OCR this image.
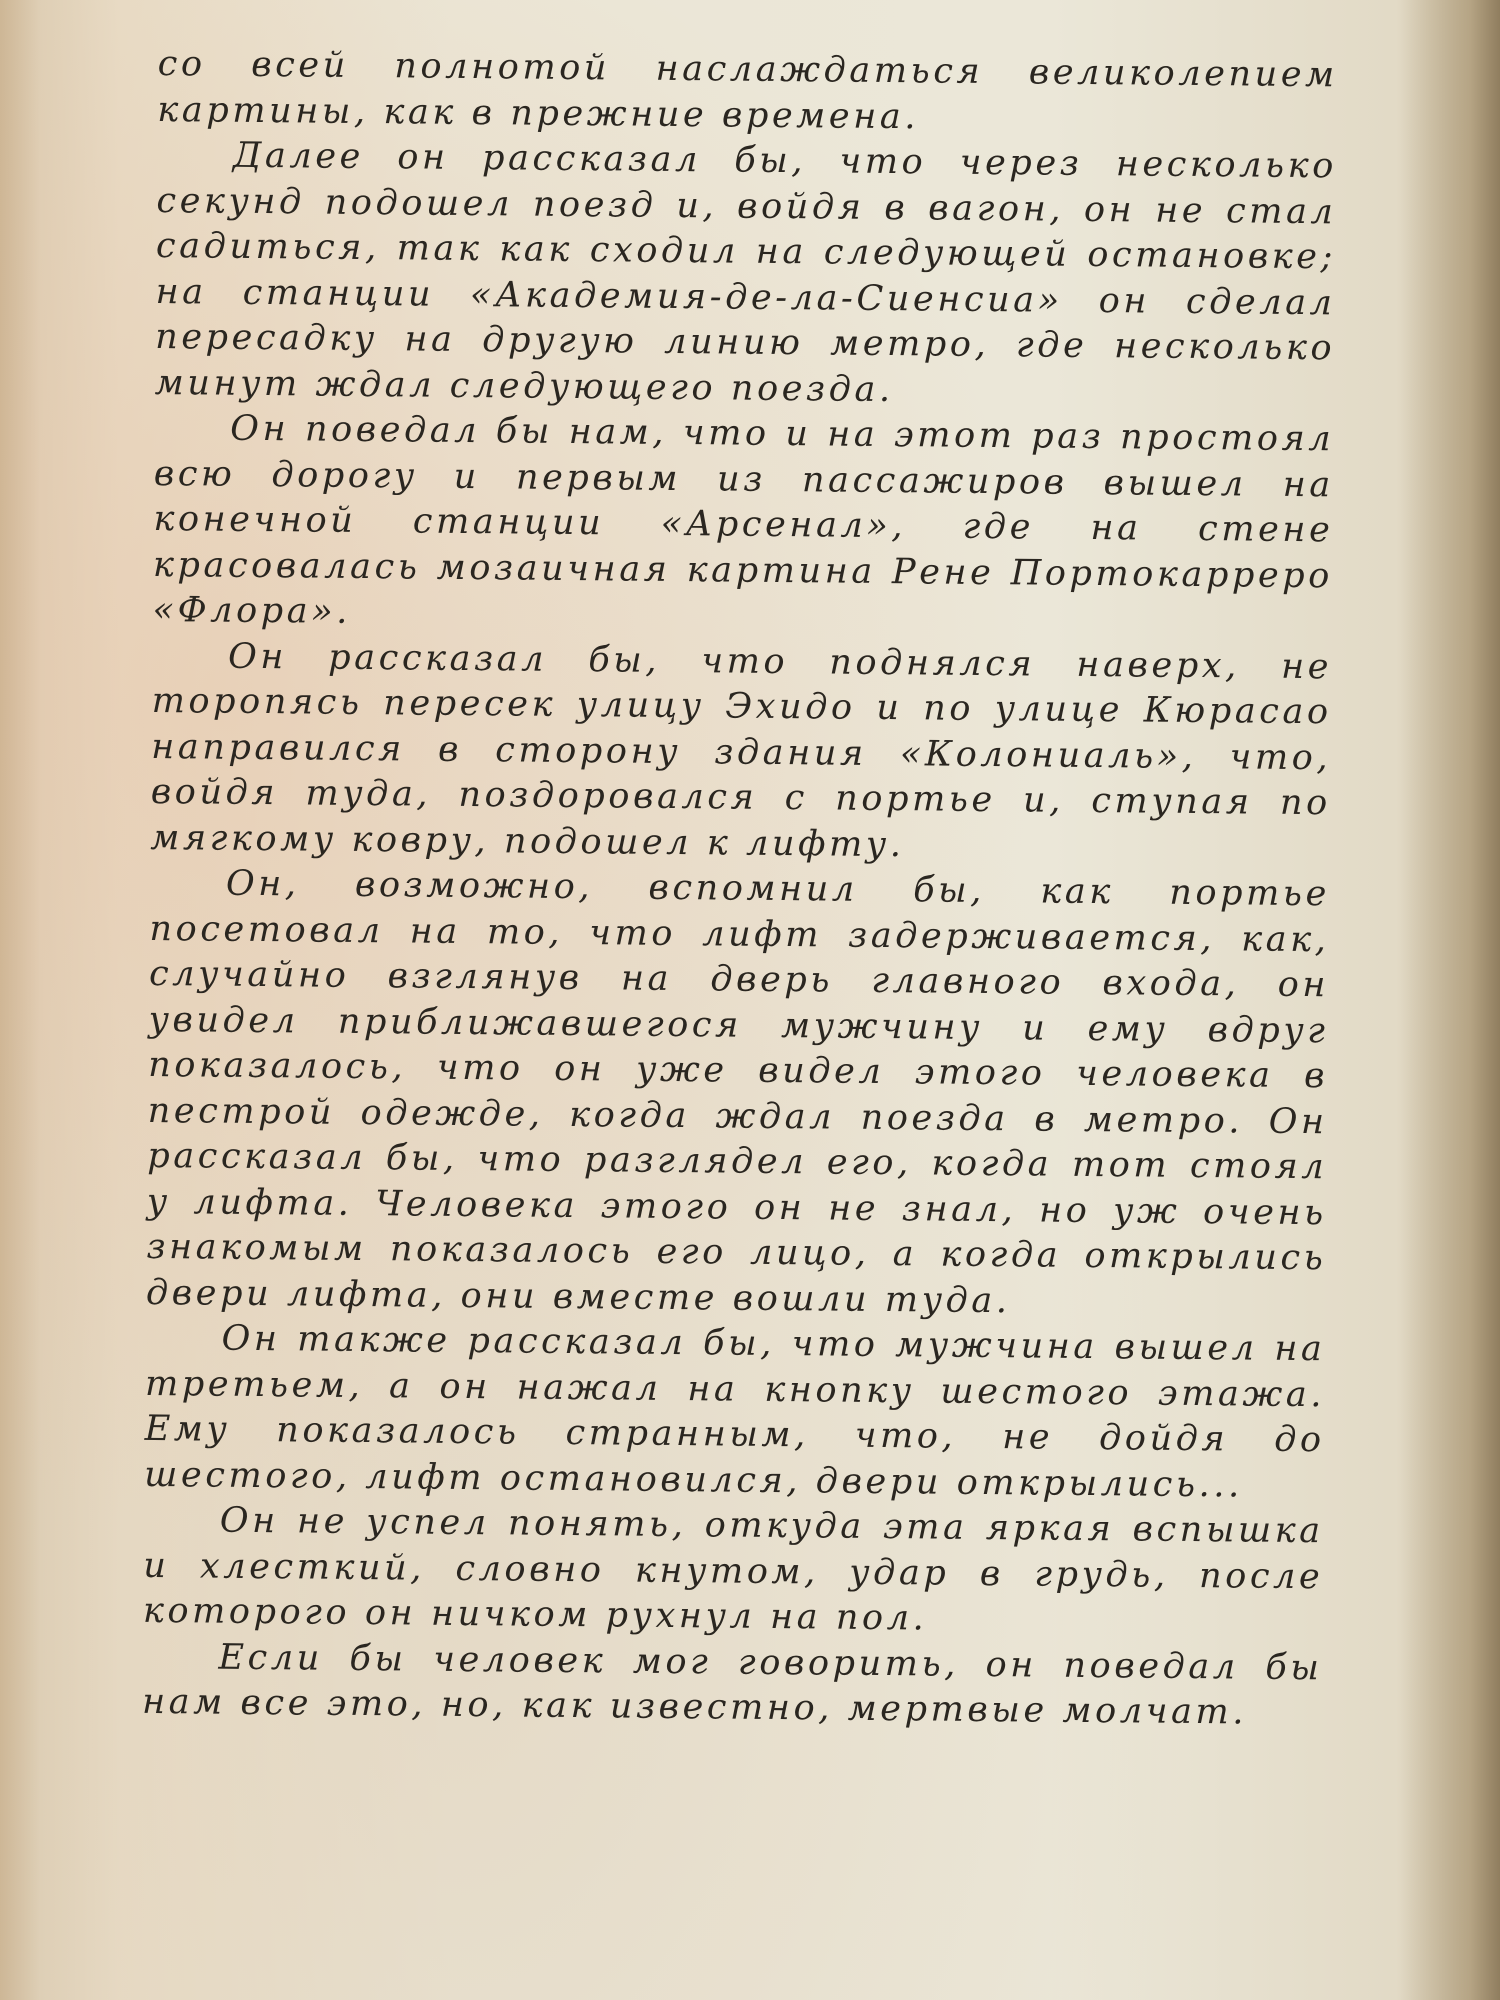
со всей полнотой наслаждаться великолепием картины, как в прежние времена.

Далее он рассказал бы, что через несколько секунд подошел поезд и, войдя в вагон, он не стал садиться, так как сходил на следующей остановке; на станции «Академия-де-ла-Сиенсиа» он сделал пересадку на другую линию метро, где несколько минут ждал следующего поезда.

Он поведал бы нам, что и на этот раз простоял всю дорогу и первым из пассажиров вышел на конечной станции «Арсенал», где на стене красовалась мозаичная картина Рене Портокарреро «Флора».

Он рассказал бы, что поднялся наверх, не торопясь пересек улицу Эхидо и по улице Кюрасао направился в сторону здания «Колониаль», что, войдя туда, поздоровался с портье и, ступая по мягкому ковру, подошел к лифту.

Он, возможно, вспомнил бы, как портье посетовал на то, что лифт задерживается, как, случайно взглянув на дверь главного входа, он увидел приближавшегося мужчину и ему вдруг показалось, что он уже видел этого человека в пестрой одежде, когда ждал поезда в метро. Он рассказал бы, что разглядел его, когда тот стоял у лифта. Человека этого он не знал, но уж очень знакомым показалось его лицо, а когда открылись двери лифта, они вместе вошли туда.

Он также рассказал бы, что мужчина вышел на третьем, а он нажал на кнопку шестого этажа. Ему показалось странным, что, не дойдя до шестого, лифт остановился, двери открылись...

Он не успел понять, откуда эта яркая вспышка и хлесткий, словно кнутом, удар в грудь, после которого он ничком рухнул на пол.

Если бы человек мог говорить, он поведал бы нам все это, но, как известно, мертвые молчат.
